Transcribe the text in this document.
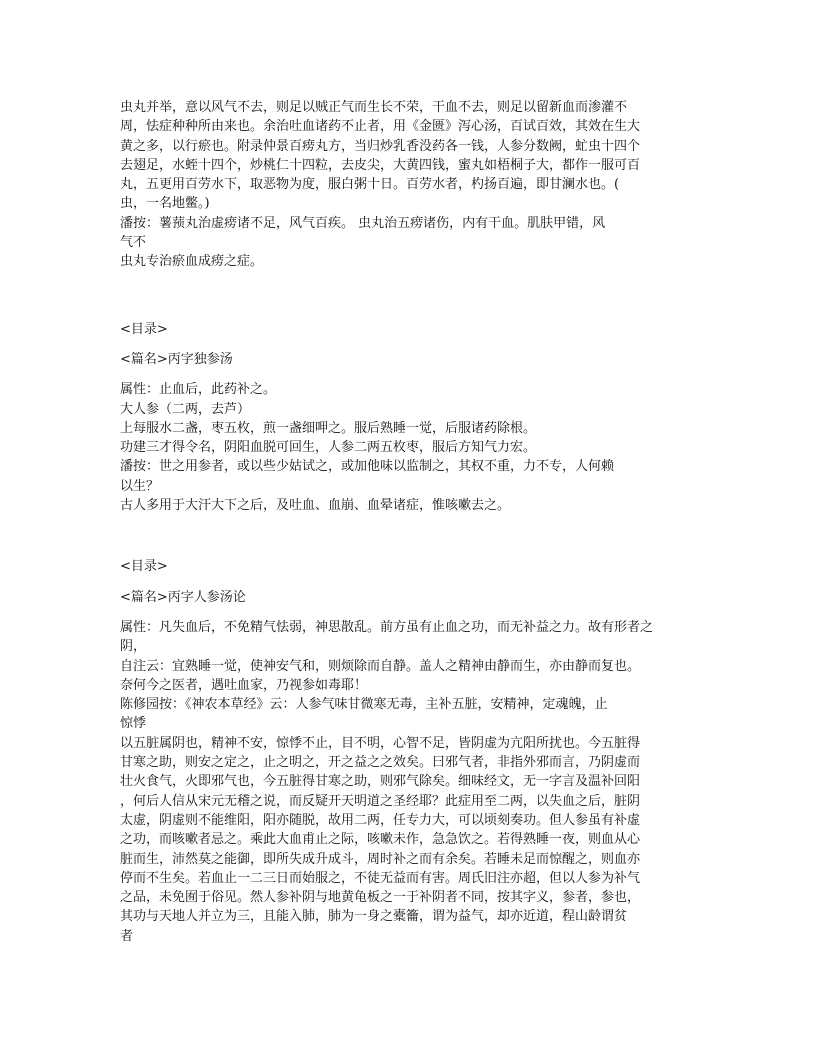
虫丸并举，意以风气不去，则足以贼正气而生长不荣，干血不去，则足以留新血而渗灌不
周，怯症种种所由来也。余治吐血诸药不止者，用《金匮》泻心汤，百试百效，其效在生大
黄之多，以行瘀也。附录仲景百痨丸方，当归炒乳香没药各一钱，人参分数阙，虻虫十四个
去翅足，水蛭十四个，炒桃仁十四粒，去皮尖，大黄四钱，蜜丸如梧桐子大，都作一服可百
丸，五更用百劳水下，取恶物为度，服白粥十日。百劳水者，杓扬百遍，即甘澜水也。(
虫，一名地鳖。)
潘按：薯蓣丸治虚痨诸不足，风气百疾。 虫丸治五痨诸伤，内有干血。肌肤甲错，风
气不
虫丸专治瘀血成痨之症。
<目录>
<篇名>丙字独参汤
属性：止血后，此药补之。
大人参（二两，去芦）
上每服水二盏，枣五枚，煎一盏细呷之。服后熟睡一觉，后服诸药除根。
功建三才得令名，阴阳血脱可回生，人参二两五枚枣，服后方知气力宏。
潘按：世之用参者，或以些少姑试之，或加他味以监制之，其权不重，力不专，人何赖
以生？
古人多用于大汗大下之后，及吐血、血崩、血晕诸症，惟咳嗽去之。
<目录>
<篇名>丙字人参汤论
属性：凡失血后，不免精气怯弱，神思散乱。前方虽有止血之功，而无补益之力。故有形者之
阴，
自注云：宜熟睡一觉，使神安气和，则烦除而自静。盖人之精神由静而生，亦由静而复也。
奈何今之医者，遇吐血家，乃视参如毒耶！
陈修园按：《神农本草经》云：人参气味甘微寒无毒，主补五脏，安精神，定魂魄，止
惊悸
以五脏属阴也，精神不安，惊悸不止，目不明，心智不足，皆阴虚为亢阳所扰也。今五脏得
甘寒之助，则安之定之，止之明之，开之益之之效矣。曰邪气者，非指外邪而言，乃阴虚而
壮火食气，火即邪气也，今五脏得甘寒之助，则邪气除矣。细味经文，无一字言及温补回阳
，何后人信从宋元无稽之说，而反疑开天明道之圣经耶？此症用至二两，以失血之后，脏阴
太虚，阴虚则不能维阳，阳亦随脱，故用二两，任专力大，可以顷刻奏功。但人参虽有补虚
之功，而咳嗽者忌之。乘此大血甫止之际，咳嗽未作，急急饮之。若得熟睡一夜，则血从心
脏而生，沛然莫之能御，即所失成升成斗，周时补之而有余矣。若睡未足而惊醒之，则血亦
停而不生矣。若血止一二三日而始服之，不徒无益而有害。周氏旧注亦超，但以人参为补气
之品，未免囿于俗见。然人参补阴与地黄龟板之一于补阴者不同，按其字义，参者，参也，
其功与天地人并立为三，且能入肺，肺为一身之橐籥，谓为益气，却亦近道，程山龄谓贫
者
